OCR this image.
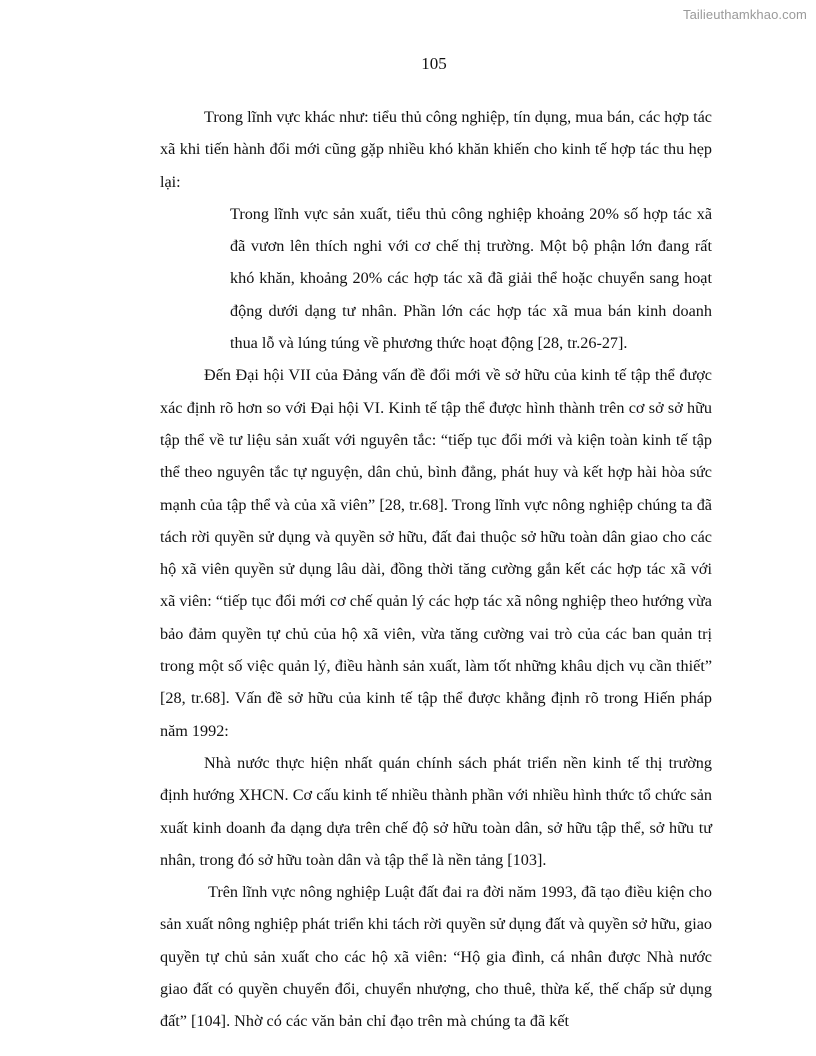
Tailieuthamkhao.com
105

Trong lĩnh vực khác như: tiểu thủ công nghiệp, tín dụng, mua bán, các hợp tác xã khi tiến hành đổi mới cũng gặp nhiều khó khăn khiến cho kinh tế hợp tác thu hẹp lại:

Trong lĩnh vực sản xuất, tiểu thủ công nghiệp khoảng 20% số hợp tác xã đã vươn lên thích nghi với cơ chế thị trường. Một bộ phận lớn đang rất khó khăn, khoảng 20% các hợp tác xã đã giải thể hoặc chuyển sang hoạt động dưới dạng tư nhân. Phần lớn các hợp tác xã mua bán kinh doanh thua lỗ và lúng túng về phương thức hoạt động [28, tr.26-27].

Đến Đại hội VII của Đảng vấn đề đổi mới về sở hữu của kinh tế tập thể được xác định rõ hơn so với Đại hội VI. Kinh tế tập thể được hình thành trên cơ sở sở hữu tập thể về tư liệu sản xuất với nguyên tắc: “tiếp tục đổi mới và kiện toàn kinh tế tập thể theo nguyên tắc tự nguyện, dân chủ, bình đẳng, phát huy và kết hợp hài hòa sức mạnh của tập thể và của xã viên” [28, tr.68]. Trong lĩnh vực nông nghiệp chúng ta đã tách rời quyền sử dụng và quyền sở hữu, đất đai thuộc sở hữu toàn dân giao cho các hộ xã viên quyền sử dụng lâu dài, đồng thời tăng cường gắn kết các hợp tác xã với xã viên: “tiếp tục đổi mới cơ chế quản lý các hợp tác xã nông nghiệp theo hướng vừa bảo đảm quyền tự chủ của hộ xã viên, vừa tăng cường vai trò của các ban quản trị trong một số việc quản lý, điều hành sản xuất, làm tốt những khâu dịch vụ cần thiết” [28, tr.68]. Vấn đề sở hữu của kinh tế tập thể được khẳng định rõ trong Hiến pháp năm 1992:

Nhà nước thực hiện nhất quán chính sách phát triển nền kinh tế thị trường định hướng XHCN. Cơ cấu kinh tế nhiều thành phần với nhiều hình thức tổ chức sản xuất kinh doanh đa dạng dựa trên chế độ sở hữu toàn dân, sở hữu tập thể, sở hữu tư nhân, trong đó sở hữu toàn dân và tập thể là nền tảng [103].

Trên lĩnh vực nông nghiệp Luật đất đai ra đời năm 1993, đã tạo điều kiện cho sản xuất nông nghiệp phát triển khi tách rời quyền sử dụng đất và quyền sở hữu, giao quyền tự chủ sản xuất cho các hộ xã viên: “Hộ gia đình, cá nhân được Nhà nước giao đất có quyền chuyển đổi, chuyển nhượng, cho thuê, thừa kế, thế chấp sử dụng đất” [104]. Nhờ có các văn bản chỉ đạo trên mà chúng ta đã kết
